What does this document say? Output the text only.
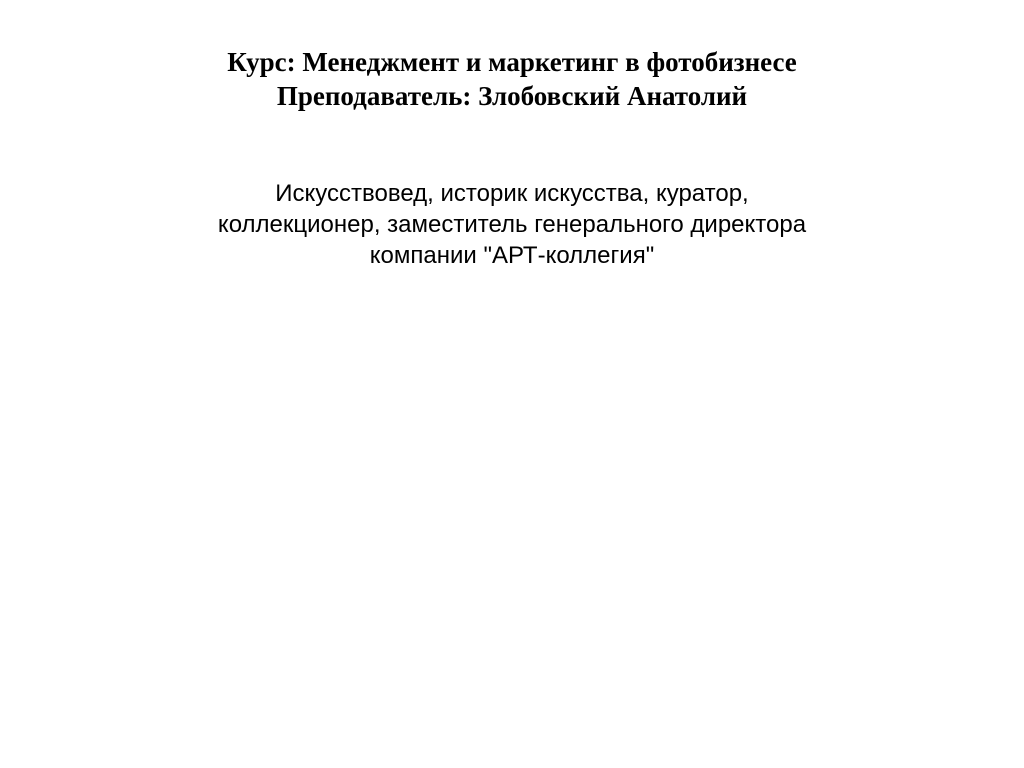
Курс: Менеджмент и маркетинг в фотобизнесе
Преподаватель: Злобовский Анатолий
Искусствовед, историк искусства, куратор, коллекционер, заместитель генерального директора компании "АРТ-коллегия"
